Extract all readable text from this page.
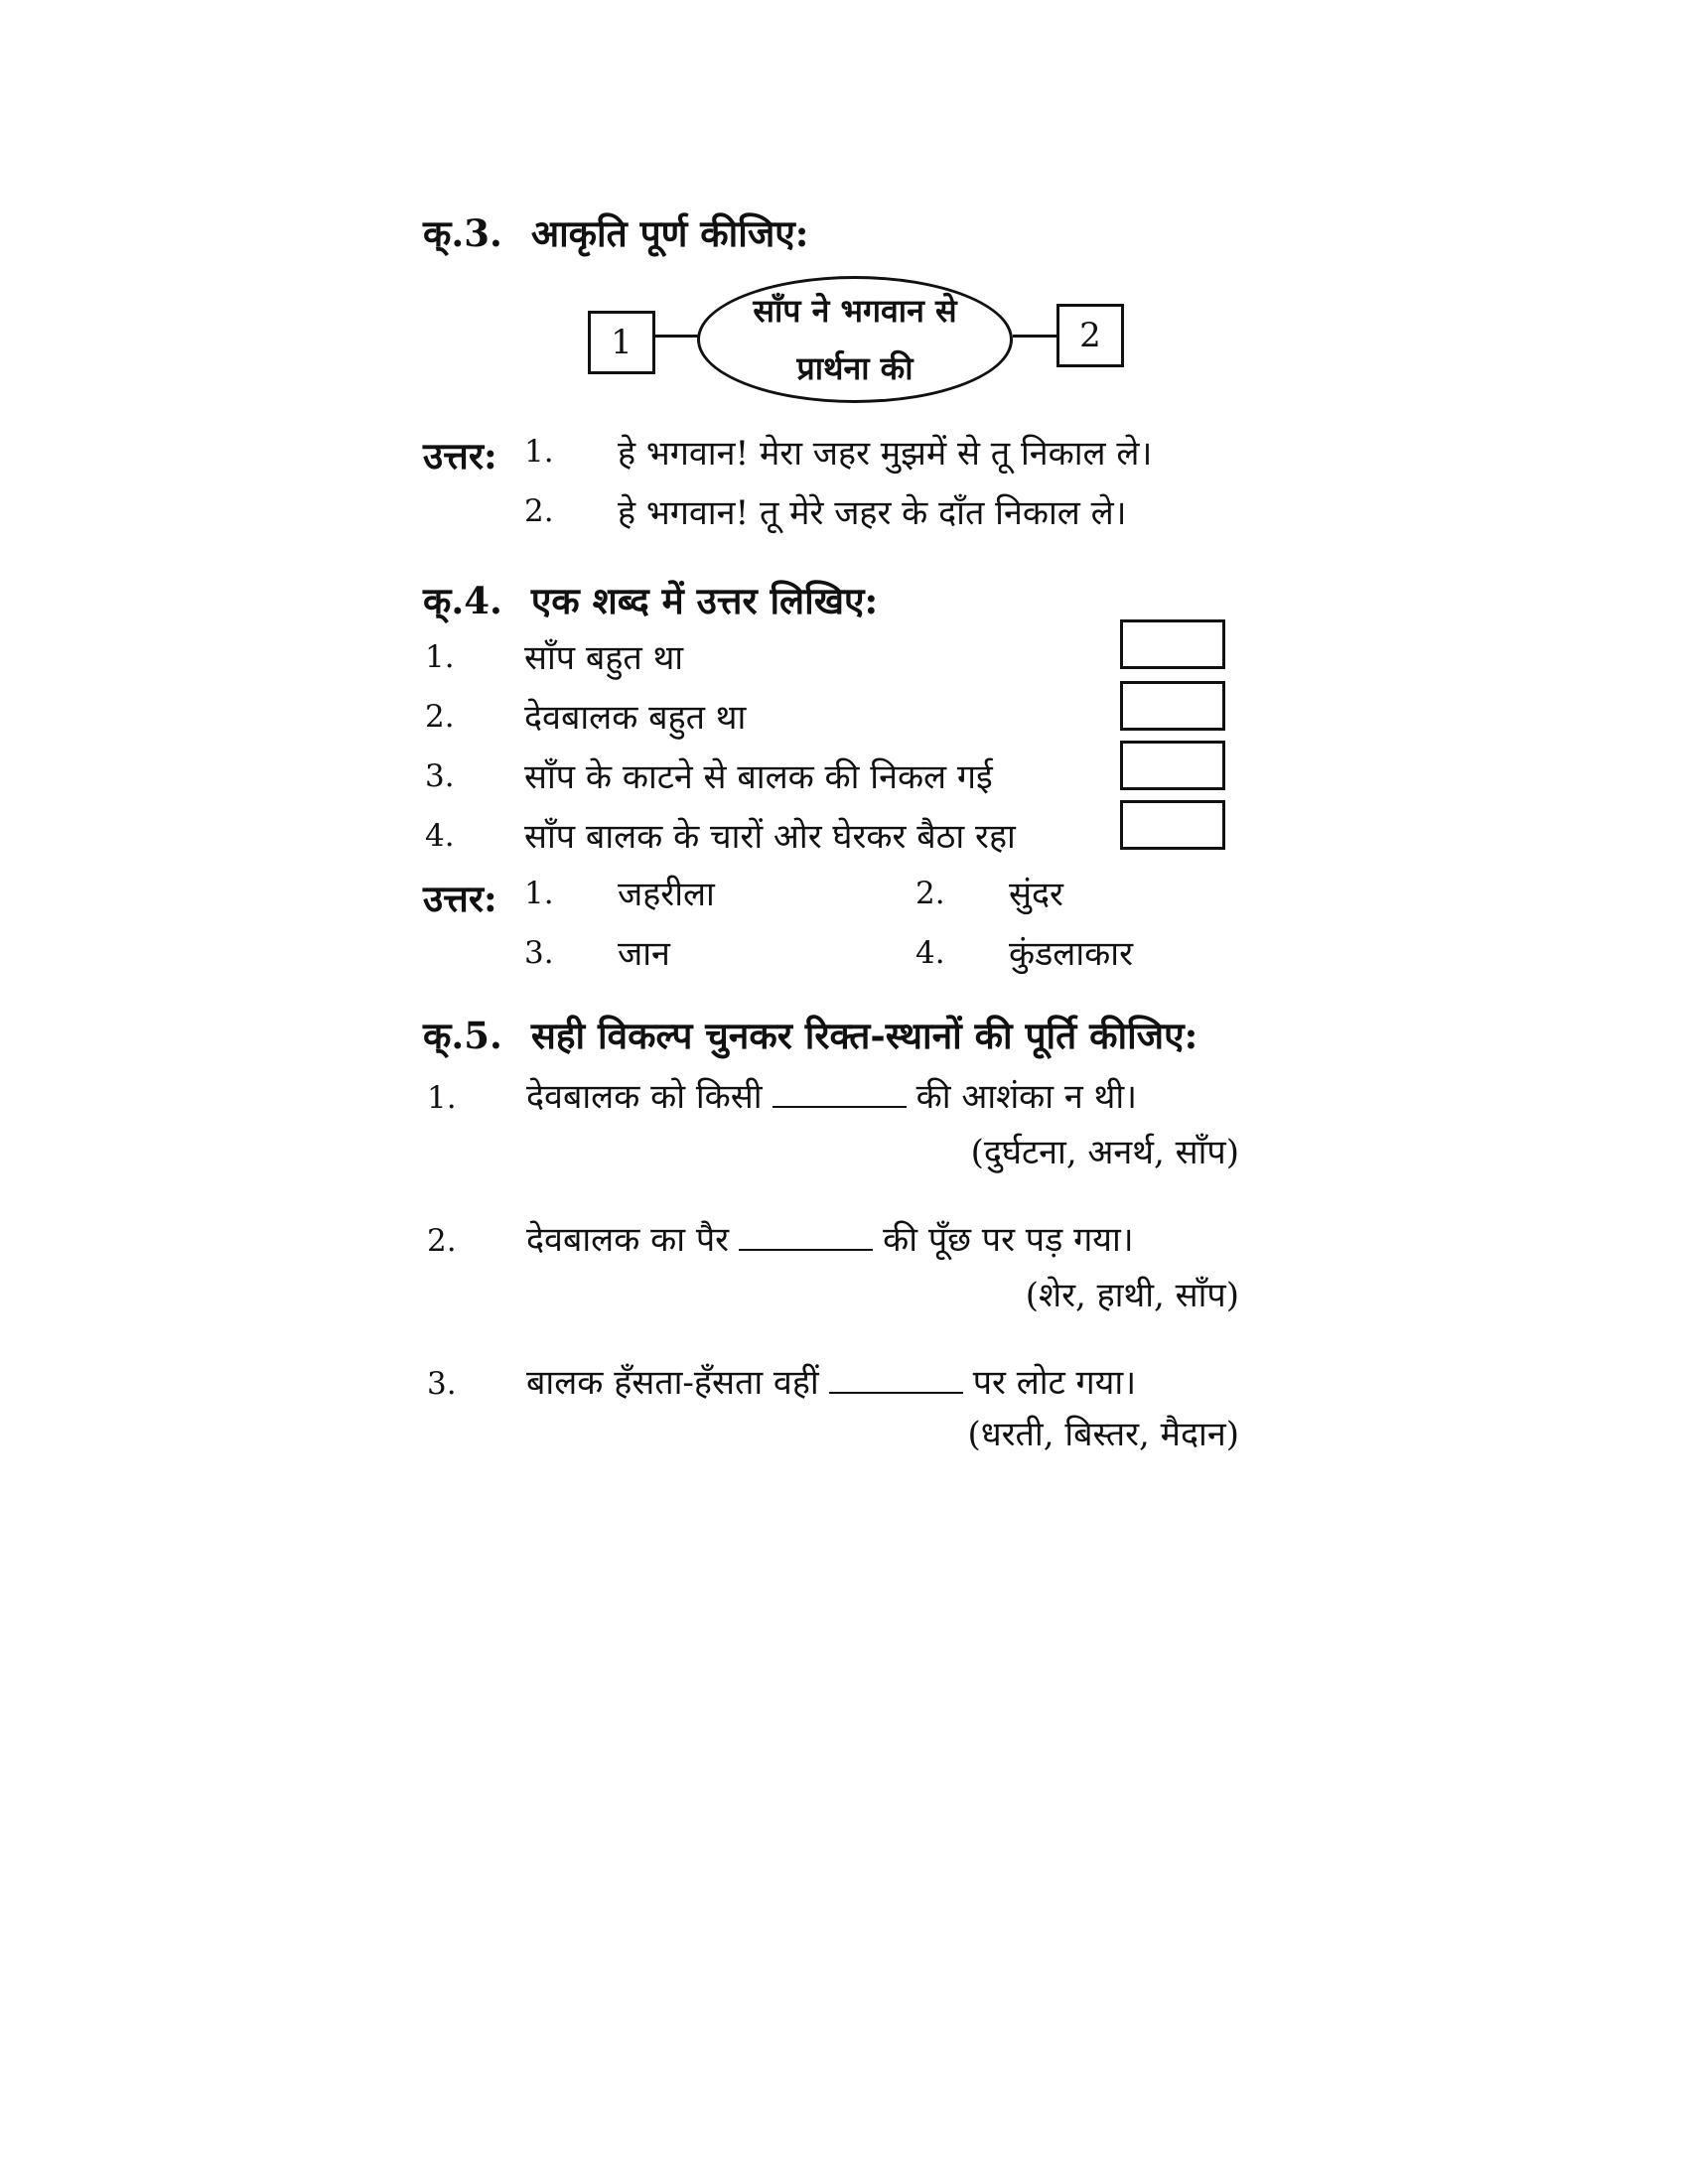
क्.3. आकृति पूर्ण कीजिए:
1
साँप ने भगवान से
प्रार्थना की
2
उत्तर: 1. हे भगवान! मेरा जहर मुझमें से तू निकाल ले।
2. हे भगवान! तू मेरे जहर के दाँत निकाल ले।
क्.4. एक शब्द में उत्तर लिखिए:
1. साँप बहुत था
2. देवबालक बहुत था
3. साँप के काटने से बालक की निकल गई
4. साँप बालक के चारों ओर घेरकर बैठा रहा
उत्तर: 1. जहरीला	2. सुंदर
3. जान	4. कुंडलाकार
क्.5. सही विकल्प चुनकर रिक्त-स्थानों की पूर्ति कीजिए:
1. देवबालक को किसी	की आशंका न थी।
(दुर्घटना, अनर्थ, साँप)
2. देवबालक का पैर	की पूँछ पर पड़ गया।
(शेर, हाथी, साँप)
3. बालक हँसता-हँसता वहीं	पर लोट गया।
(धरती, बिस्तर, मैदान)
